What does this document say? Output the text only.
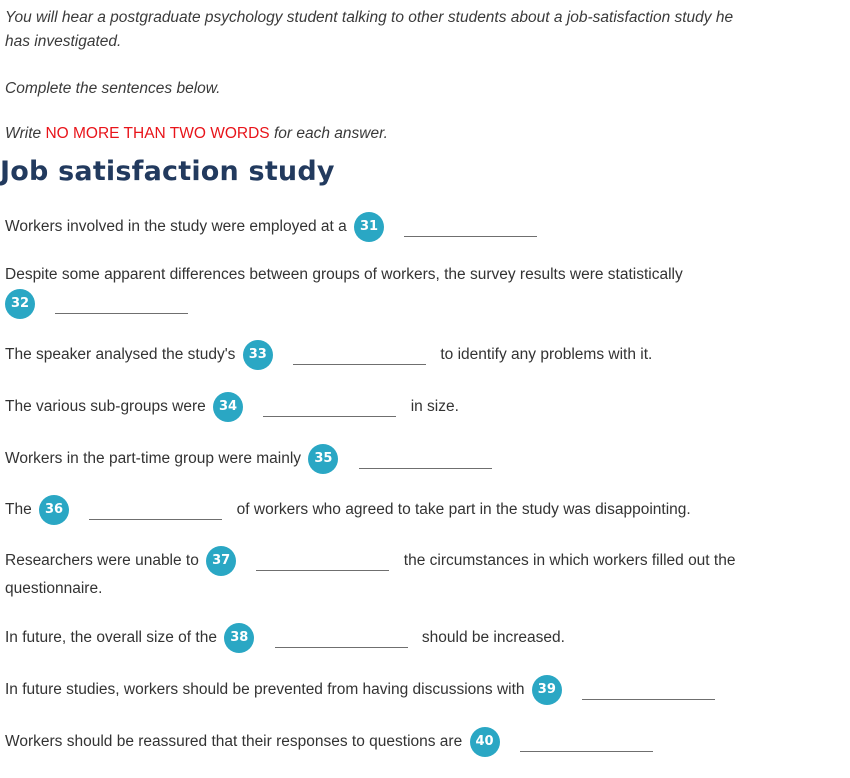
You will hear a postgraduate psychology student talking to other students about a job-satisfaction study he
has investigated.

Complete the sentences below.

Write NO MORE THAN TWO WORDS for each answer.

Job satisfaction study
Workers involved in the study were employed at a 31
Despite some apparent differences between groups of workers, the survey results were statistically
32
The speaker analysed the study's 33	to identify any problems with it.
The various sub-groups were 34	in size.
Workers in the part-time group were mainly 35
The 36	of workers who agreed to take part in the study was disappointing.
Researchers were unable to 37	the circumstances in which workers filled out the
questionnaire.
In future, the overall size of the 38	should be increased.
In future studies, workers should be prevented from having discussions with 39
Workers should be reassured that their responses to questions are 40
